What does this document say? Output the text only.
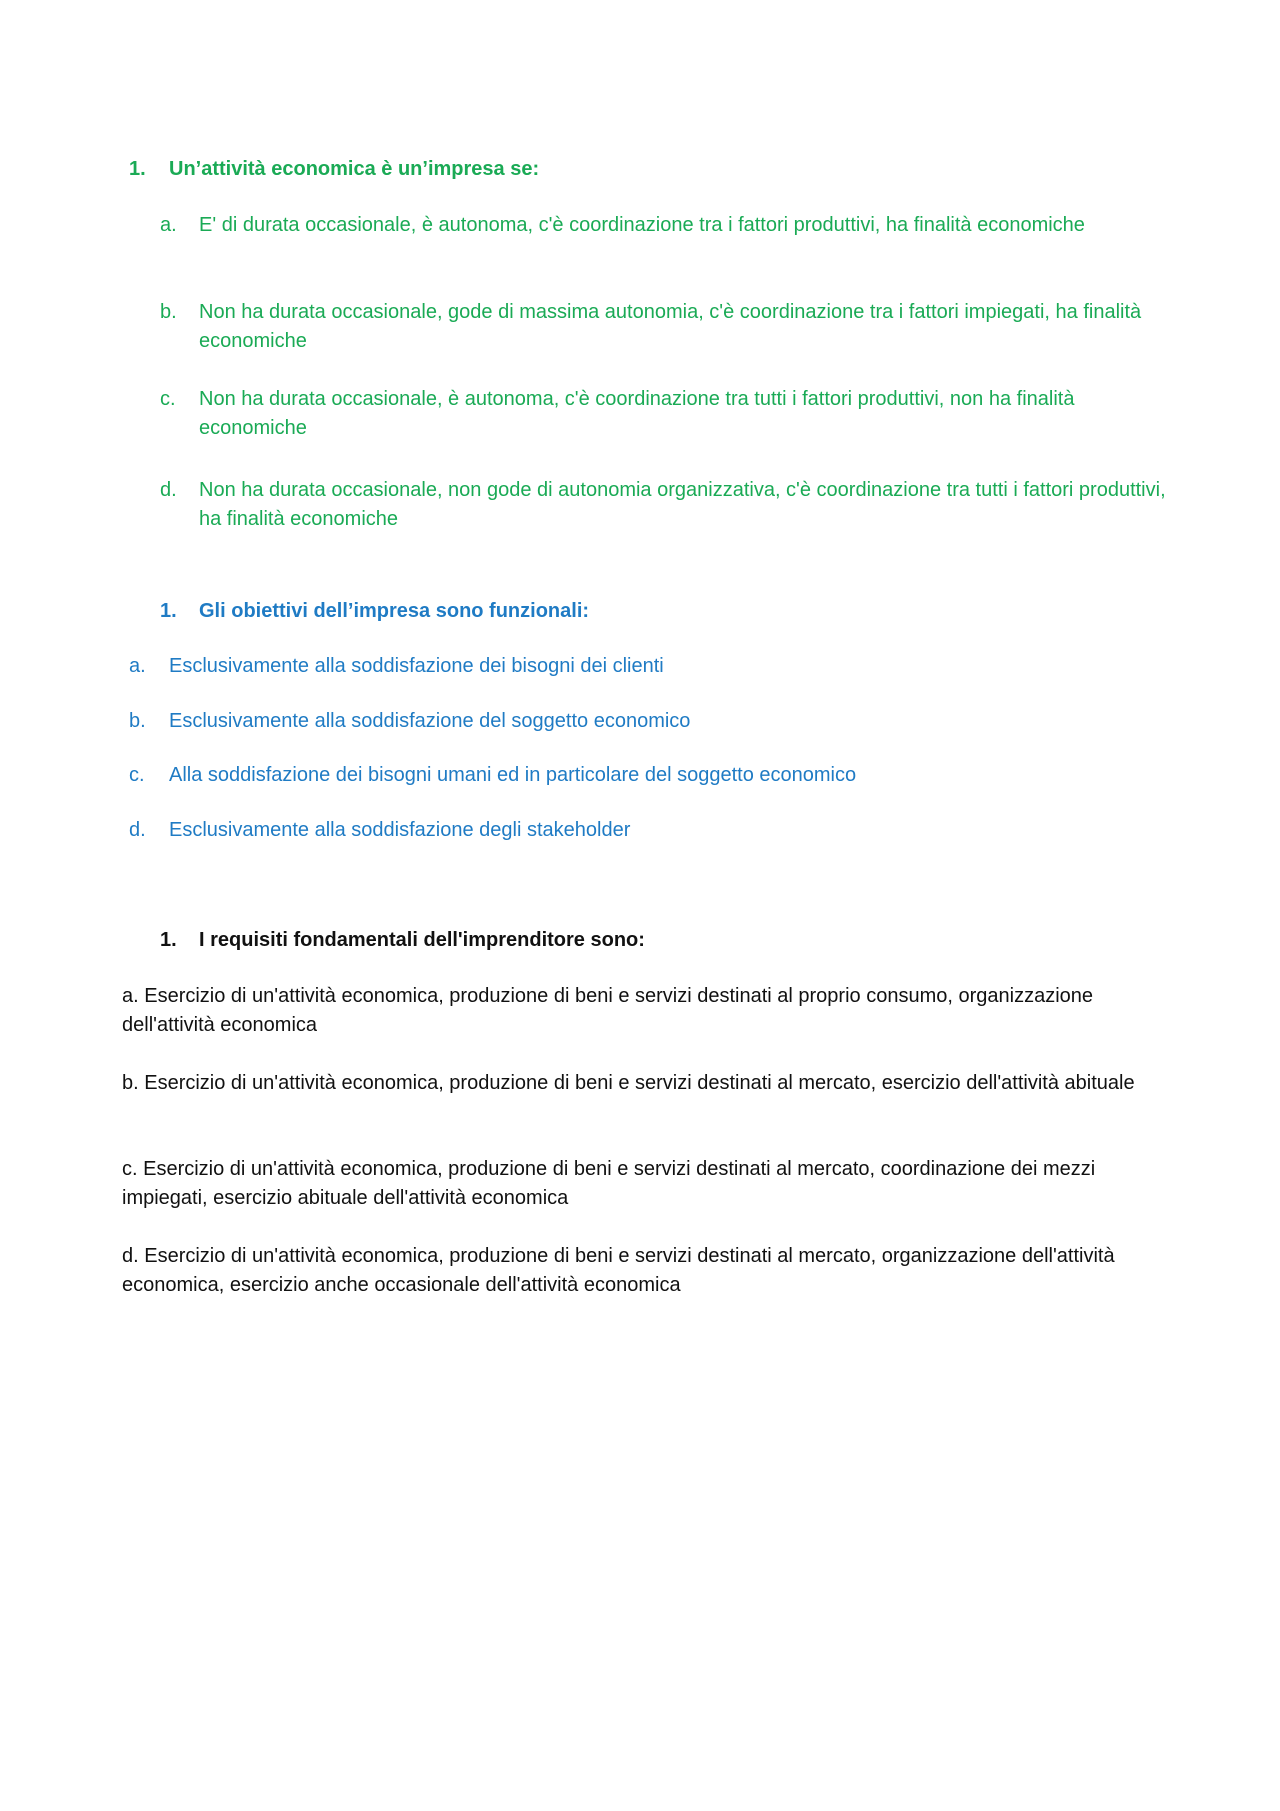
1. Un’attività economica è un’impresa se:
a. E' di durata occasionale, è autonoma, c'è coordinazione tra i fattori produttivi, ha finalità economiche
b. Non ha durata occasionale, gode di massima autonomia, c'è coordinazione tra i fattori impiegati, ha finalità economiche
c. Non ha durata occasionale, è autonoma, c'è coordinazione tra tutti i fattori produttivi, non ha finalità economiche
d. Non ha durata occasionale, non gode di autonomia organizzativa, c'è coordinazione tra tutti i fattori produttivi, ha finalità economiche
1. Gli obiettivi dell’impresa sono funzionali:
a. Esclusivamente alla soddisfazione dei bisogni dei clienti
b. Esclusivamente alla soddisfazione del soggetto economico
c. Alla soddisfazione dei bisogni umani ed in particolare del soggetto economico
d. Esclusivamente alla soddisfazione degli stakeholder
1. I requisiti fondamentali dell'imprenditore sono:
a. Esercizio di un'attività economica, produzione di beni e servizi destinati al proprio consumo, organizzazione dell'attività economica
b. Esercizio di un'attività economica, produzione di beni e servizi destinati al mercato, esercizio dell'attività abituale
c. Esercizio di un'attività economica, produzione di beni e servizi destinati al mercato, coordinazione dei mezzi impiegati, esercizio abituale dell'attività economica
d. Esercizio di un'attività economica, produzione di beni e servizi destinati al mercato, organizzazione dell'attività economica, esercizio anche occasionale dell'attività economica
